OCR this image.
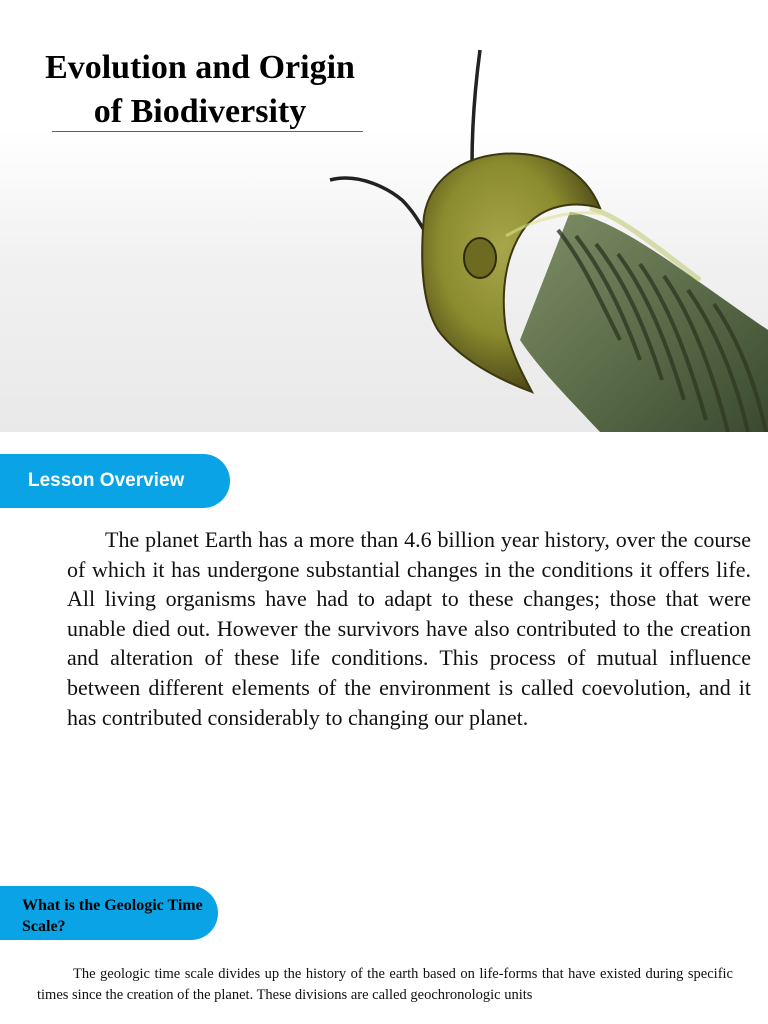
Evolution and Origin
of Biodiversity
Lesson Overview

The planet Earth has a more than 4.6 billion year history, over the course of which it has undergone substantial changes in the conditions it offers life. All living organisms have had to adapt to these changes; those that were unable died out. However the survivors have also contributed to the creation and alteration of these life conditions. This process of mutual influence between different elements of the environment is called coevolution, and it has contributed considerably to changing our planet.

What is the Geologic Time
Scale?

The geologic time scale divides up the history of the earth based on life-forms that have existed during specific times since the creation of the planet. These divisions are called geochronologic units
